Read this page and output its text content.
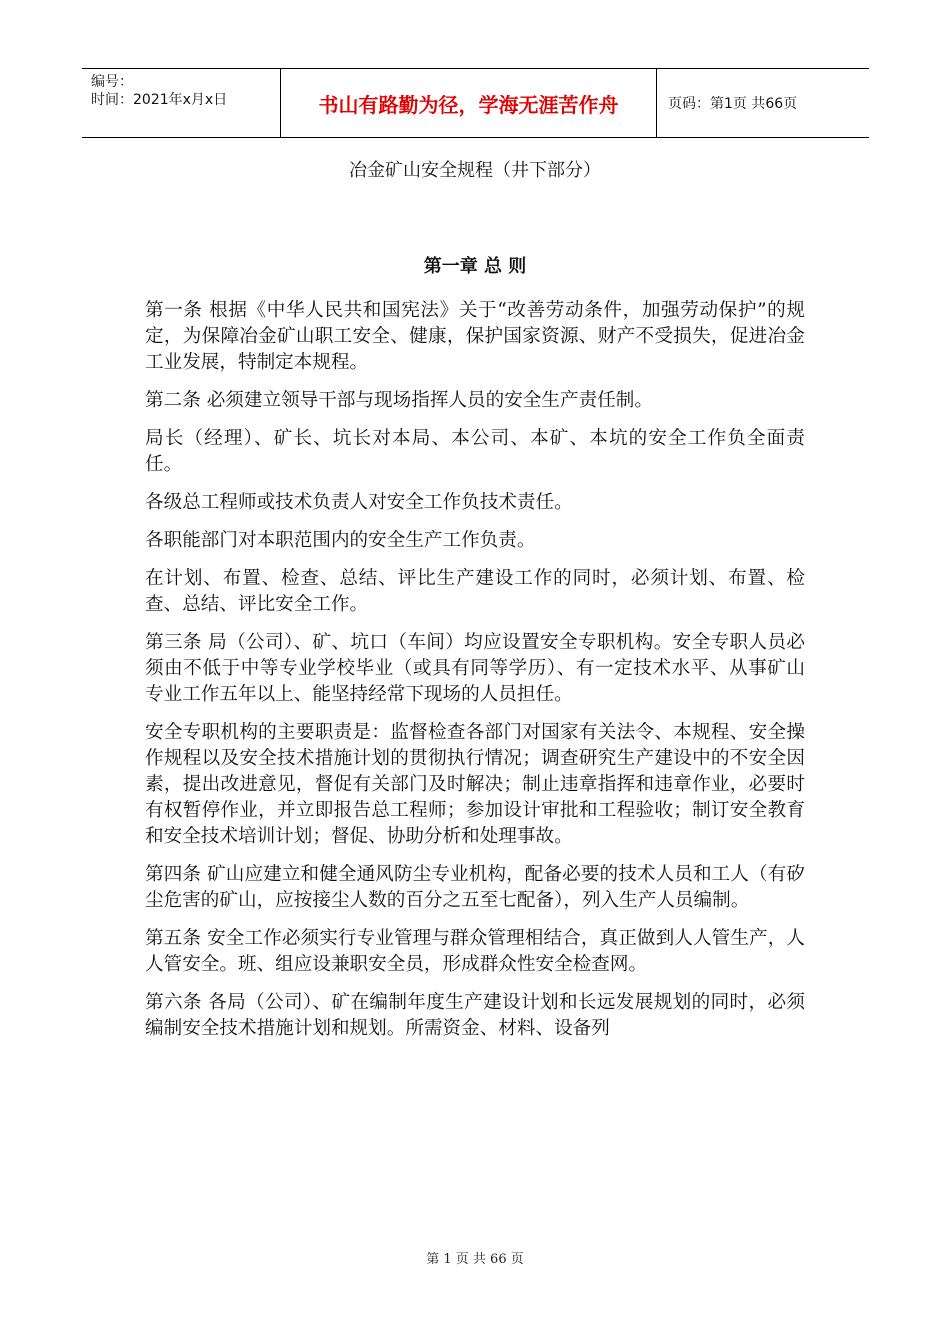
编号：
时间：2021年x月x日	书山有路勤为径，学海无涯苦作舟	页码：第1页 共66页
冶金矿山安全规程（井下部分）
第一章 总 则

第一条 根据《中华人民共和国宪法》关于“改善劳动条件，加强劳动保护”的规定，为保障冶金矿山职工安全、健康，保护国家资源、财产不受损失，促进冶金工业发展，特制定本规程。

第二条 必须建立领导干部与现场指挥人员的安全生产责任制。

局长（经理）、矿长、坑长对本局、本公司、本矿、本坑的安全工作负全面责任。

各级总工程师或技术负责人对安全工作负技术责任。

各职能部门对本职范围内的安全生产工作负责。

在计划、布置、检查、总结、评比生产建设工作的同时，必须计划、布置、检查、总结、评比安全工作。

第三条 局（公司）、矿、坑口（车间）均应设置安全专职机构。安全专职人员必须由不低于中等专业学校毕业（或具有同等学历）、有一定技术水平、从事矿山专业工作五年以上、能坚持经常下现场的人员担任。

安全专职机构的主要职责是：监督检查各部门对国家有关法令、本规程、安全操作规程以及安全技术措施计划的贯彻执行情况；调查研究生产建设中的不安全因素，提出改进意见，督促有关部门及时解决；制止违章指挥和违章作业，必要时有权暂停作业，并立即报告总工程师；参加设计审批和工程验收；制订安全教育和安全技术培训计划；督促、协助分析和处理事故。

第四条 矿山应建立和健全通风防尘专业机构，配备必要的技术人员和工人（有矽尘危害的矿山，应按接尘人数的百分之五至七配备），列入生产人员编制。

第五条 安全工作必须实行专业管理与群众管理相结合，真正做到人人管生产，人人管安全。班、组应设兼职安全员，形成群众性安全检查网。

第六条 各局（公司）、矿在编制年度生产建设计划和长远发展规划的同时，必须编制安全技术措施计划和规划。所需资金、材料、设备列

第 1 页 共 66 页
